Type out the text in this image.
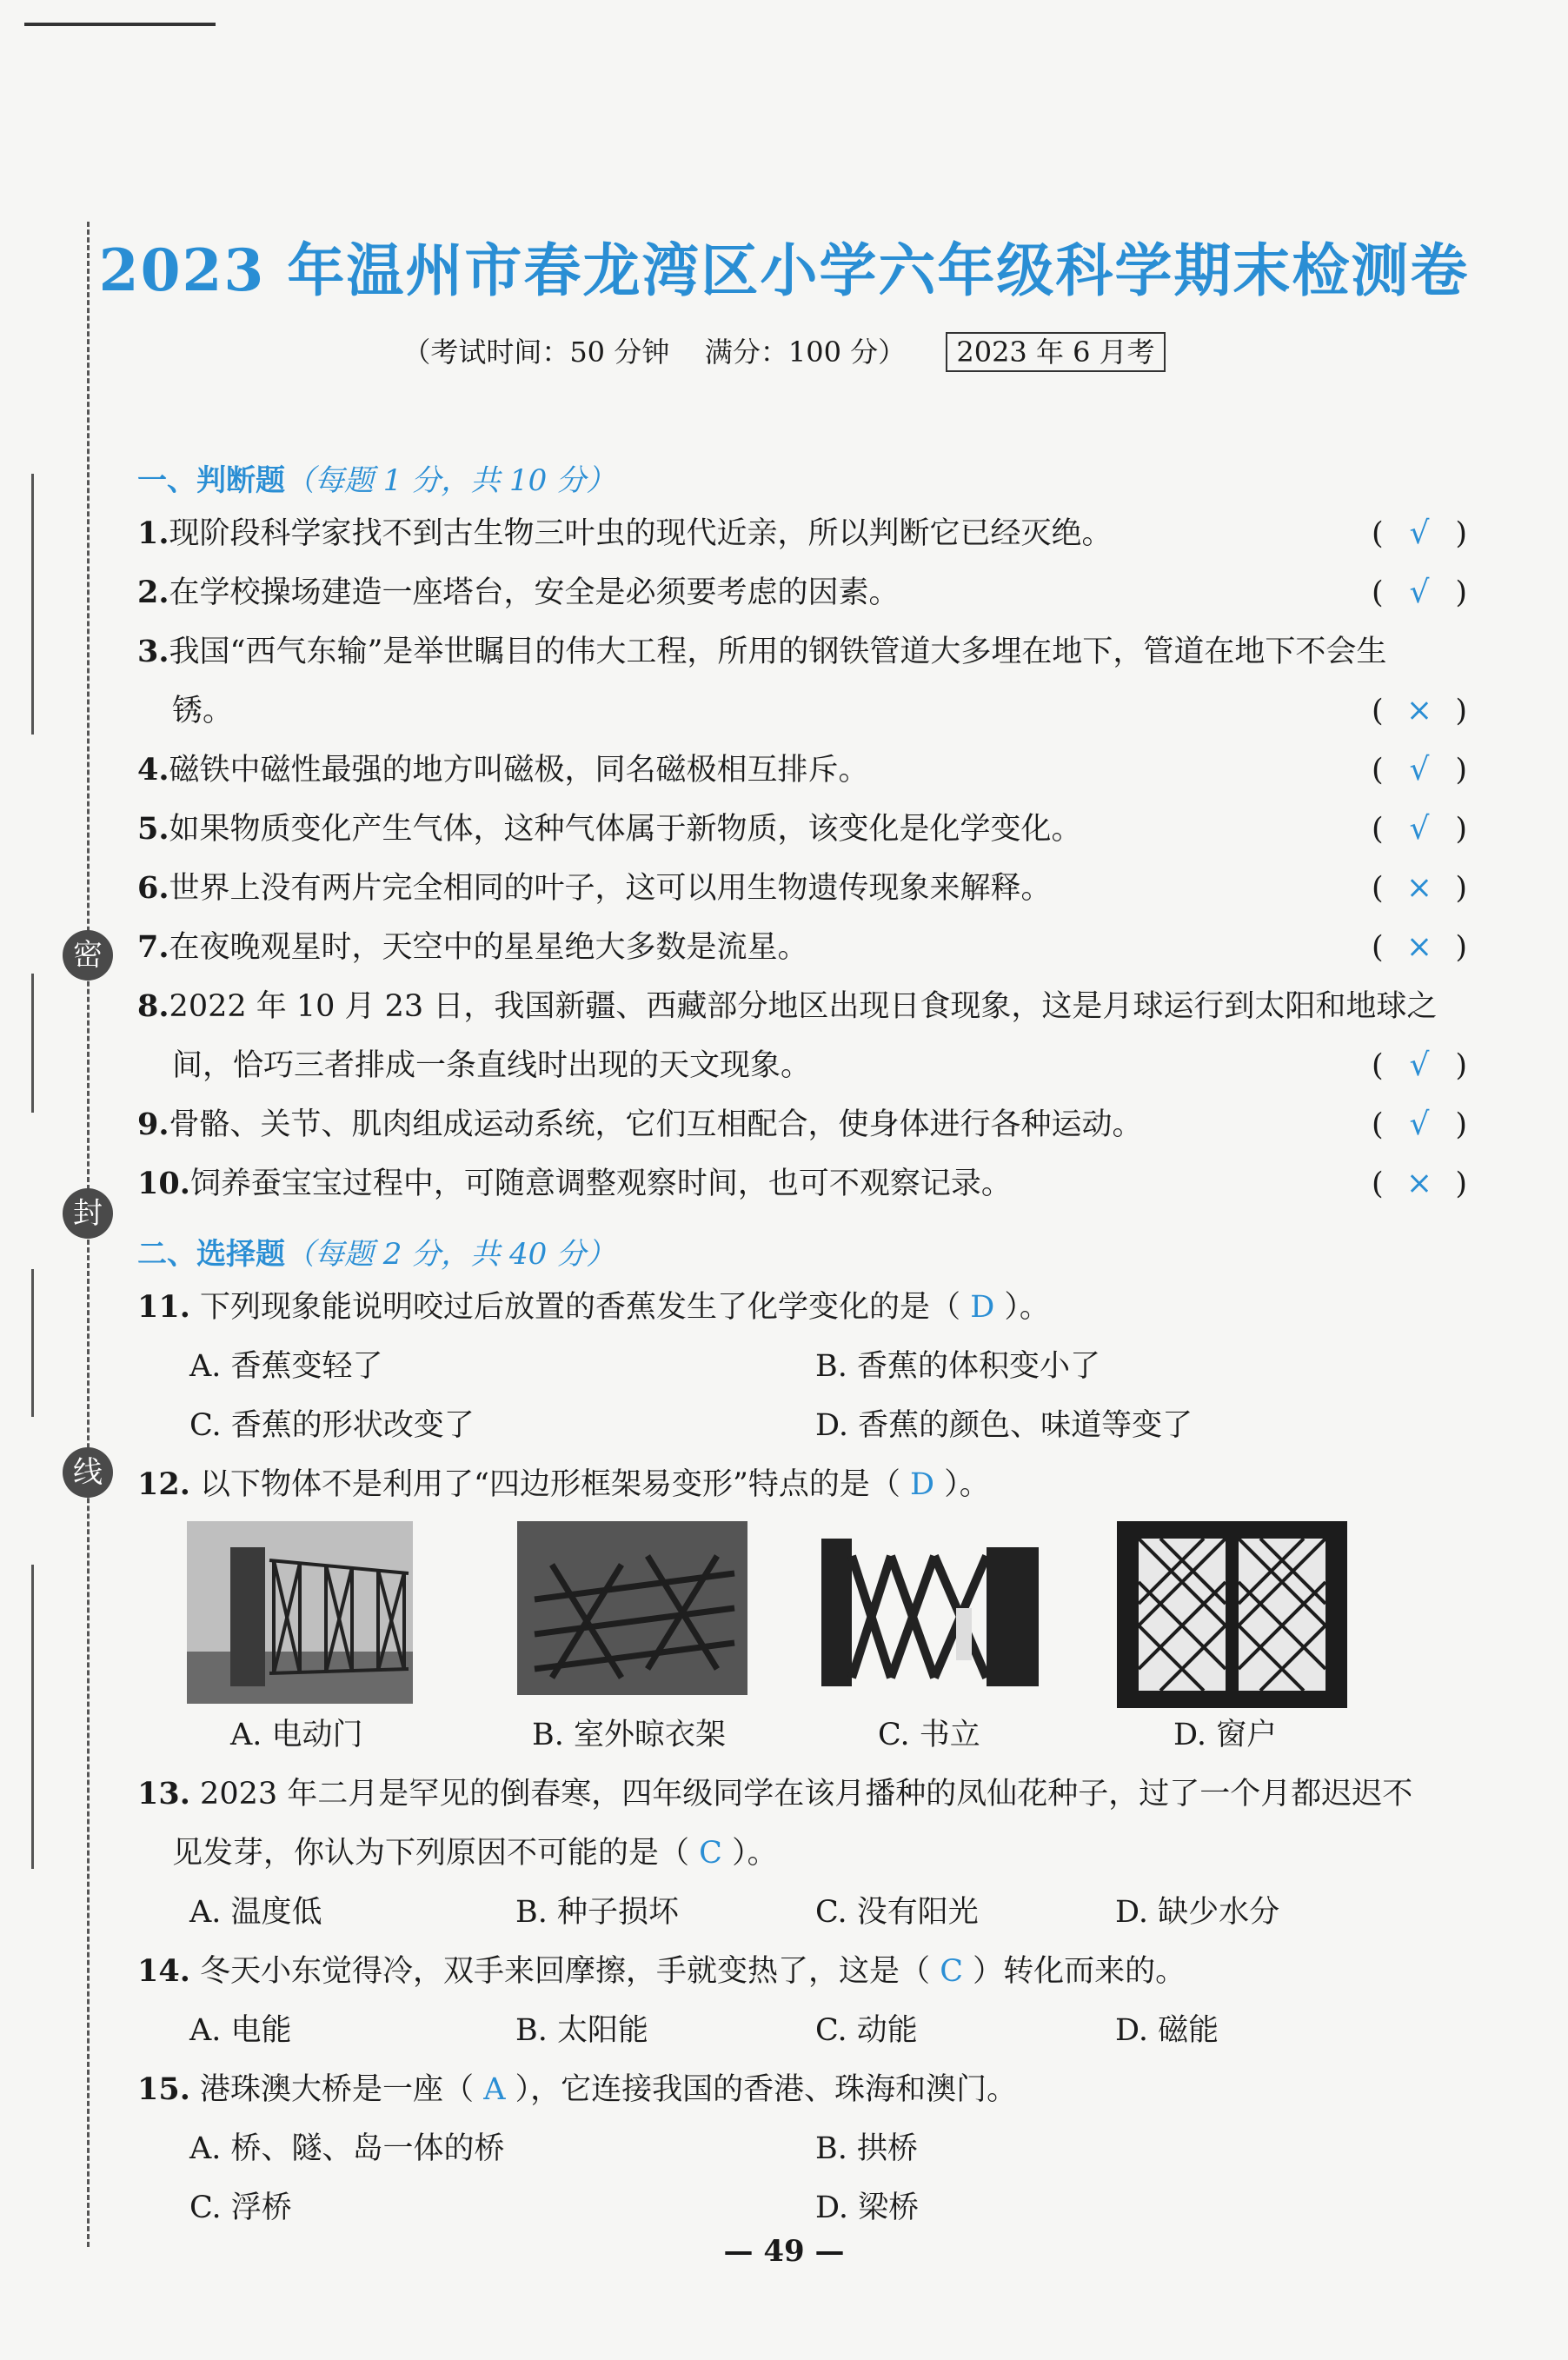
密
封
线
2023 年温州市春龙湾区小学六年级科学期末检测卷
（考试时间：50 分钟 满分：100 分） 2023 年 6 月考
一、判断题（每题 1 分，共 10 分）
1.现阶段科学家找不到古生物三叶虫的现代近亲，所以判断它已经灭绝。	( √ )
2.在学校操场建造一座塔台，安全是必须要考虑的因素。	( √ )
3.我国“西气东输”是举世瞩目的伟大工程，所用的钢铁管道大多埋在地下，管道在地下不会生
锈。	( × )
4.磁铁中磁性最强的地方叫磁极，同名磁极相互排斥。	( √ )
5.如果物质变化产生气体，这种气体属于新物质，该变化是化学变化。	( √ )
6.世界上没有两片完全相同的叶子，这可以用生物遗传现象来解释。	( × )
7.在夜晚观星时，天空中的星星绝大多数是流星。	( × )
8.2022 年 10 月 23 日，我国新疆、西藏部分地区出现日食现象，这是月球运行到太阳和地球之
间，恰巧三者排成一条直线时出现的天文现象。	( √ )
9.骨骼、关节、肌肉组成运动系统，它们互相配合，使身体进行各种运动。	( √ )
10.饲养蚕宝宝过程中，可随意调整观察时间，也可不观察记录。	( × )
二、选择题（每题 2 分，共 40 分）
11. 下列现象能说明咬过后放置的香蕉发生了化学变化的是（ D ）。
A. 香蕉变轻了	B. 香蕉的体积变小了
C. 香蕉的形状改变了	D. 香蕉的颜色、味道等变了
12. 以下物体不是利用了“四边形框架易变形”特点的是（ D ）。
A. 电动门	B. 室外晾衣架	C. 书立	D. 窗户
13. 2023 年二月是罕见的倒春寒，四年级同学在该月播种的凤仙花种子，过了一个月都迟迟不
见发芽，你认为下列原因不可能的是（ C ）。
A. 温度低	B. 种子损坏	C. 没有阳光	D. 缺少水分
14. 冬天小东觉得冷，双手来回摩擦，手就变热了，这是（ C ）转化而来的。
A. 电能	B. 太阳能	C. 动能	D. 磁能
15. 港珠澳大桥是一座（ A ），它连接我国的香港、珠海和澳门。
A. 桥、隧、岛一体的桥	B. 拱桥
C. 浮桥	D. 梁桥
— 49 —
